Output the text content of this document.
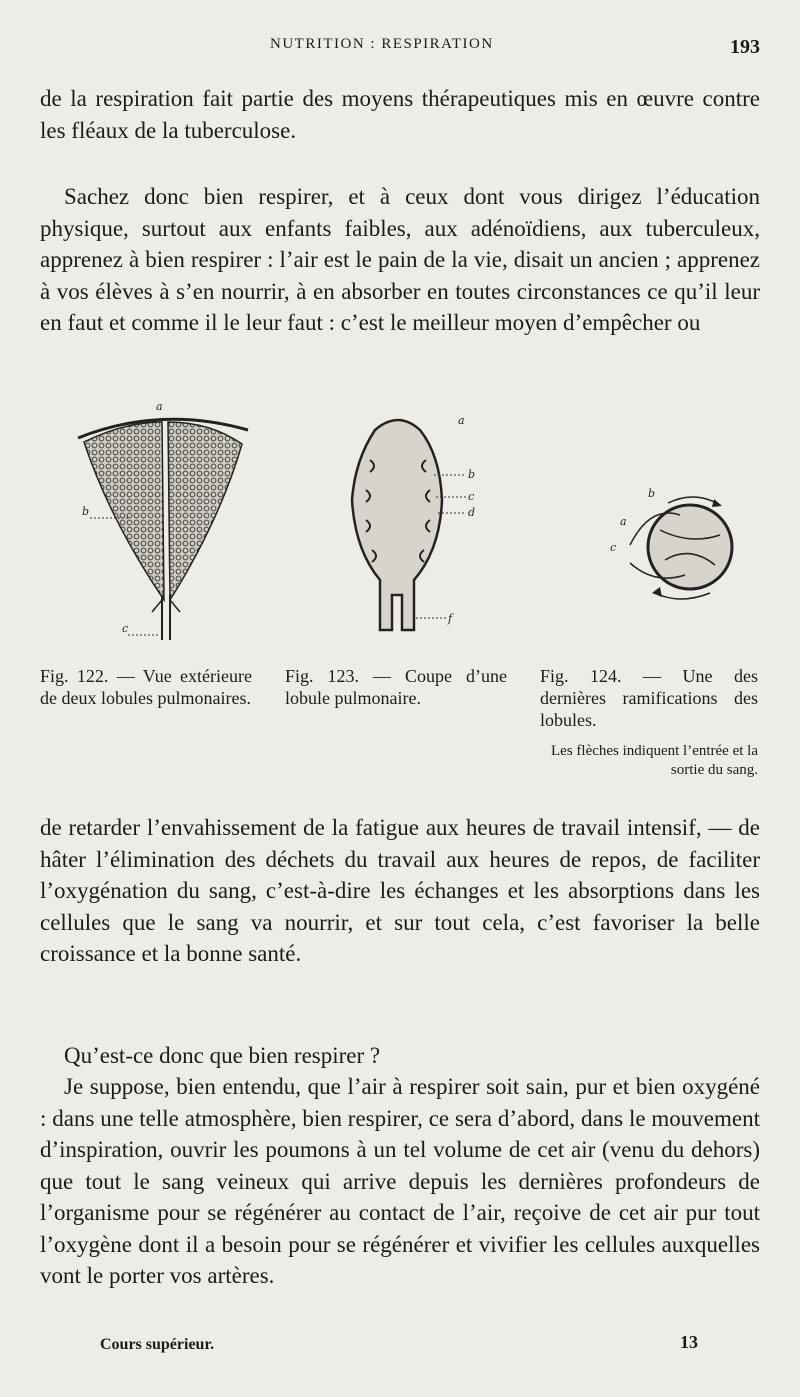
NUTRITION : RESPIRATION	193

de la respiration fait partie des moyens thérapeutiques mis en œuvre contre les fléaux de la tuberculose.

Sachez donc bien respirer, et à ceux dont vous dirigez l’éducation physique, surtout aux enfants faibles, aux adénoïdiens, aux tuberculeux, apprenez à bien respirer : l’air est le pain de la vie, disait un ancien ; apprenez à vos élèves à s’en nourrir, à en absorber en toutes circonstances ce qu’il leur en faut et comme il le leur faut : c’est le meilleur moyen d’empêcher ou

a
b
c
a
b
c
d
f
a
b
c

Fig. 122. — Vue extérieure de deux lobules pulmonaires.

Fig. 123. — Coupe d’une lobule pulmonaire.

Fig. 124. — Une des dernières ramifications des lobules.

Les flèches indiquent l’entrée et la sortie du sang.

de retarder l’envahissement de la fatigue aux heures de travail intensif, — de hâter l’élimination des déchets du travail aux heures de repos, de faciliter l’oxygénation du sang, c’est-à-dire les échanges et les absorptions dans les cellules que le sang va nourrir, et sur tout cela, c’est favoriser la belle croissance et la bonne santé.

Qu’est-ce donc que bien respirer ?

Je suppose, bien entendu, que l’air à respirer soit sain, pur et bien oxygéné : dans une telle atmosphère, bien respirer, ce sera d’abord, dans le mouvement d’inspiration, ouvrir les poumons à un tel volume de cet air (venu du dehors) que tout le sang veineux qui arrive depuis les dernières profondeurs de l’organisme pour se régénérer au contact de l’air, reçoive de cet air pur tout l’oxygène dont il a besoin pour se régénérer et vivifier les cellules auxquelles vont le porter vos artères.

Cours supérieur.	13
